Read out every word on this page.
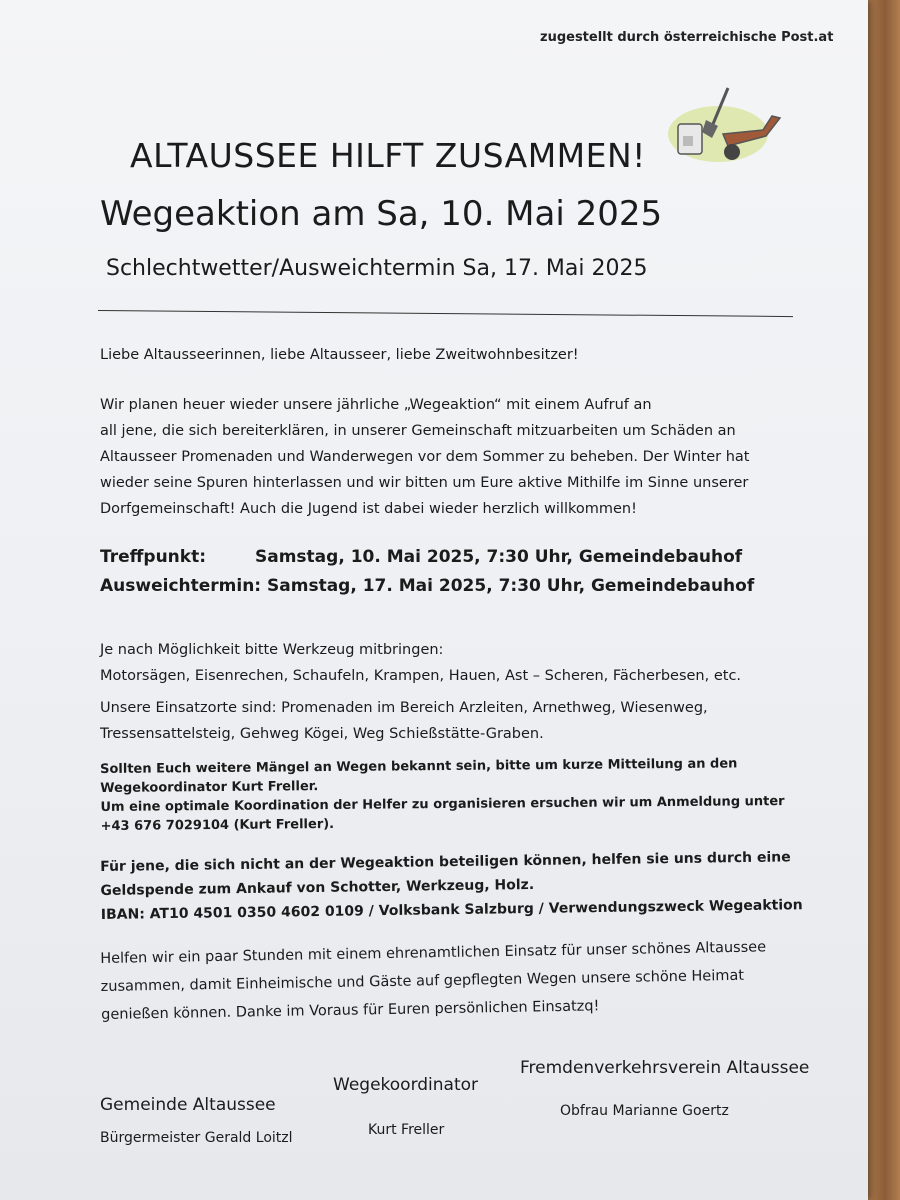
zugestellt durch österreichische Post.at
ALTAUSSEE HILFT ZUSAMMEN!
Wegeaktion am Sa, 10. Mai 2025
Schlechtwetter/Ausweichtermin Sa, 17. Mai 2025
Liebe Altausseerinnen, liebe Altausseer, liebe Zweitwohnbesitzer!
Wir planen heuer wieder unsere jährliche „Wegeaktion“ mit einem Aufruf an
all jene, die sich bereiterklären, in unserer Gemeinschaft mitzuarbeiten um Schäden an
Altausseer Promenaden und Wanderwegen vor dem Sommer zu beheben. Der Winter hat
wieder seine Spuren hinterlassen und wir bitten um Eure aktive Mithilfe im Sinne unserer
Dorfgemeinschaft! Auch die Jugend ist dabei wieder herzlich willkommen!
Treffpunkt:	Samstag, 10. Mai 2025, 7:30 Uhr, Gemeindebauhof
Ausweichtermin: Samstag, 17. Mai 2025, 7:30 Uhr, Gemeindebauhof
Je nach Möglichkeit bitte Werkzeug mitbringen:
Motorsägen, Eisenrechen, Schaufeln, Krampen, Hauen, Ast – Scheren, Fächerbesen, etc.
Unsere Einsatzorte sind: Promenaden im Bereich Arzleiten, Arnethweg, Wiesenweg,
Tressensattelsteig, Gehweg Kögei, Weg Schießstätte-Graben.
Sollten Euch weitere Mängel an Wegen bekannt sein, bitte um kurze Mitteilung an den
Wegekoordinator Kurt Freller.
Um eine optimale Koordination der Helfer zu organisieren ersuchen wir um Anmeldung unter
+43 676 7029104 (Kurt Freller).
Für jene, die sich nicht an der Wegeaktion beteiligen können, helfen sie uns durch eine
Geldspende zum Ankauf von Schotter, Werkzeug, Holz.
IBAN: AT10 4501 0350 4602 0109 / Volksbank Salzburg / Verwendungszweck Wegeaktion
Helfen wir ein paar Stunden mit einem ehrenamtlichen Einsatz für unser schönes Altaussee
zusammen, damit Einheimische und Gäste auf gepflegten Wegen unsere schöne Heimat
genießen können. Danke im Voraus für Euren persönlichen Einsatzq!
Gemeinde Altaussee
Wegekoordinator
Fremdenverkehrsverein Altaussee
Bürgermeister Gerald Loitzl	Kurt Freller
Obfrau Marianne Goertz
